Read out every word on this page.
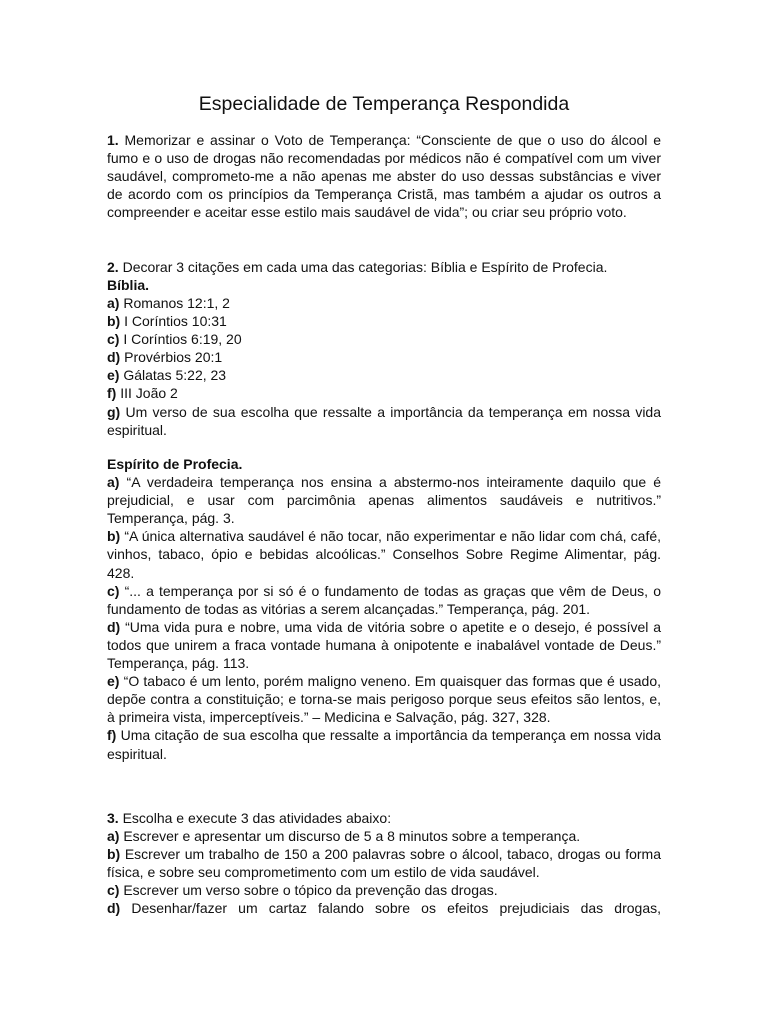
Especialidade de Temperança Respondida
1. Memorizar e assinar o Voto de Temperança: “Consciente de que o uso do álcool e fumo e o uso de drogas não recomendadas por médicos não é compatível com um viver saudável, comprometo-me a não apenas me abster do uso dessas substâncias e viver de acordo com os princípios da Temperança Cristã, mas também a ajudar os outros a compreender e aceitar esse estilo mais saudável de vida”; ou criar seu próprio voto.
2. Decorar 3 citações em cada uma das categorias: Bíblia e Espírito de Profecia.
Bíblia.
a) Romanos 12:1, 2
b) I Coríntios 10:31
c) I Coríntios 6:19, 20
d) Provérbios 20:1
e) Gálatas 5:22, 23
f) III João 2
g) Um verso de sua escolha que ressalte a importância da temperança em nossa vida espiritual.
Espírito de Profecia.
a) “A verdadeira temperança nos ensina a abstermo-nos inteiramente daquilo que é prejudicial, e usar com parcimônia apenas alimentos saudáveis e nutritivos.” Temperança, pág. 3.
b) “A única alternativa saudável é não tocar, não experimentar e não lidar com chá, café, vinhos, tabaco, ópio e bebidas alcoólicas.” Conselhos Sobre Regime Alimentar, pág. 428.
c) “... a temperança por si só é o fundamento de todas as graças que vêm de Deus, o fundamento de todas as vitórias a serem alcançadas.” Temperança, pág. 201.
d) “Uma vida pura e nobre, uma vida de vitória sobre o apetite e o desejo, é possível a todos que unirem a fraca vontade humana à onipotente e inabalável vontade de Deus.” Temperança, pág. 113.
e) “O tabaco é um lento, porém maligno veneno. Em quaisquer das formas que é usado, depõe contra a constituição; e torna-se mais perigoso porque seus efeitos são lentos, e, à primeira vista, imperceptíveis.” – Medicina e Salvação, pág. 327, 328.
f) Uma citação de sua escolha que ressalte a importância da temperança em nossa vida espiritual.
3. Escolha e execute 3 das atividades abaixo:
a) Escrever e apresentar um discurso de 5 a 8 minutos sobre a temperança.
b) Escrever um trabalho de 150 a 200 palavras sobre o álcool, tabaco, drogas ou forma física, e sobre seu comprometimento com um estilo de vida saudável.
c) Escrever um verso sobre o tópico da prevenção das drogas.
d) Desenhar/fazer um cartaz falando sobre os efeitos prejudiciais das drogas,
